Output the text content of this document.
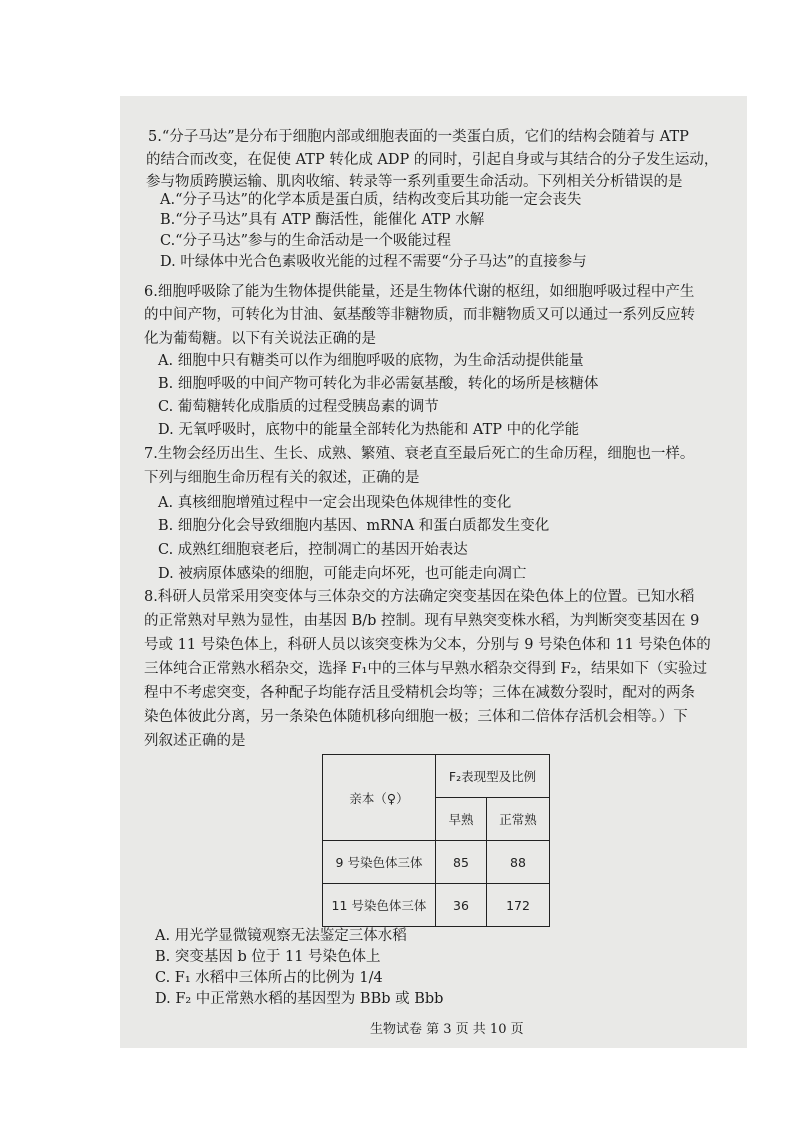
5.“分子马达”是分布于细胞内部或细胞表面的一类蛋白质，它们的结构会随着与 ATP
的结合而改变，在促使 ATP 转化成 ADP 的同时，引起自身或与其结合的分子发生运动，
参与物质跨膜运输、肌肉收缩、转录等一系列重要生命活动。下列相关分析错误的是
A.“分子马达”的化学本质是蛋白质，结构改变后其功能一定会丧失
B.“分子马达”具有 ATP 酶活性，能催化 ATP 水解
C.“分子马达”参与的生命活动是一个吸能过程
D. 叶绿体中光合色素吸收光能的过程不需要“分子马达”的直接参与
6.细胞呼吸除了能为生物体提供能量，还是生物体代谢的枢纽，如细胞呼吸过程中产生
的中间产物，可转化为甘油、氨基酸等非糖物质，而非糖物质又可以通过一系列反应转
化为葡萄糖。以下有关说法正确的是
A. 细胞中只有糖类可以作为细胞呼吸的底物，为生命活动提供能量
B. 细胞呼吸的中间产物可转化为非必需氨基酸，转化的场所是核糖体
C. 葡萄糖转化成脂质的过程受胰岛素的调节
D. 无氧呼吸时，底物中的能量全部转化为热能和 ATP 中的化学能
7.生物会经历出生、生长、成熟、繁殖、衰老直至最后死亡的生命历程，细胞也一样。
下列与细胞生命历程有关的叙述，正确的是
A. 真核细胞增殖过程中一定会出现染色体规律性的变化
B. 细胞分化会导致细胞内基因、mRNA 和蛋白质都发生变化
C. 成熟红细胞衰老后，控制凋亡的基因开始表达
D. 被病原体感染的细胞，可能走向坏死，也可能走向凋亡
8.科研人员常采用突变体与三体杂交的方法确定突变基因在染色体上的位置。已知水稻
的正常熟对早熟为显性，由基因 B/b 控制。现有早熟突变株水稻，为判断突变基因在 9
号或 11 号染色体上，科研人员以该突变株为父本，分别与 9 号染色体和 11 号染色体的
三体纯合正常熟水稻杂交，选择 F₁中的三体与早熟水稻杂交得到 F₂，结果如下（实验过
程中不考虑突变，各种配子均能存活且受精机会均等；三体在减数分裂时，配对的两条
染色体彼此分离，另一条染色体随机移向细胞一极；三体和二倍体存活机会相等。）下
列叙述正确的是
亲本（♀）	F₂表现型及比例	
	早熟	正常熟
9 号染色体三体	85	88
11 号染色体三体	36	172
A. 用光学显微镜观察无法鉴定三体水稻
B. 突变基因 b 位于 11 号染色体上
C. F₁ 水稻中三体所占的比例为 1/4
D. F₂ 中正常熟水稻的基因型为 BBb 或 Bbb
生物试卷 第 3 页 共 10 页
